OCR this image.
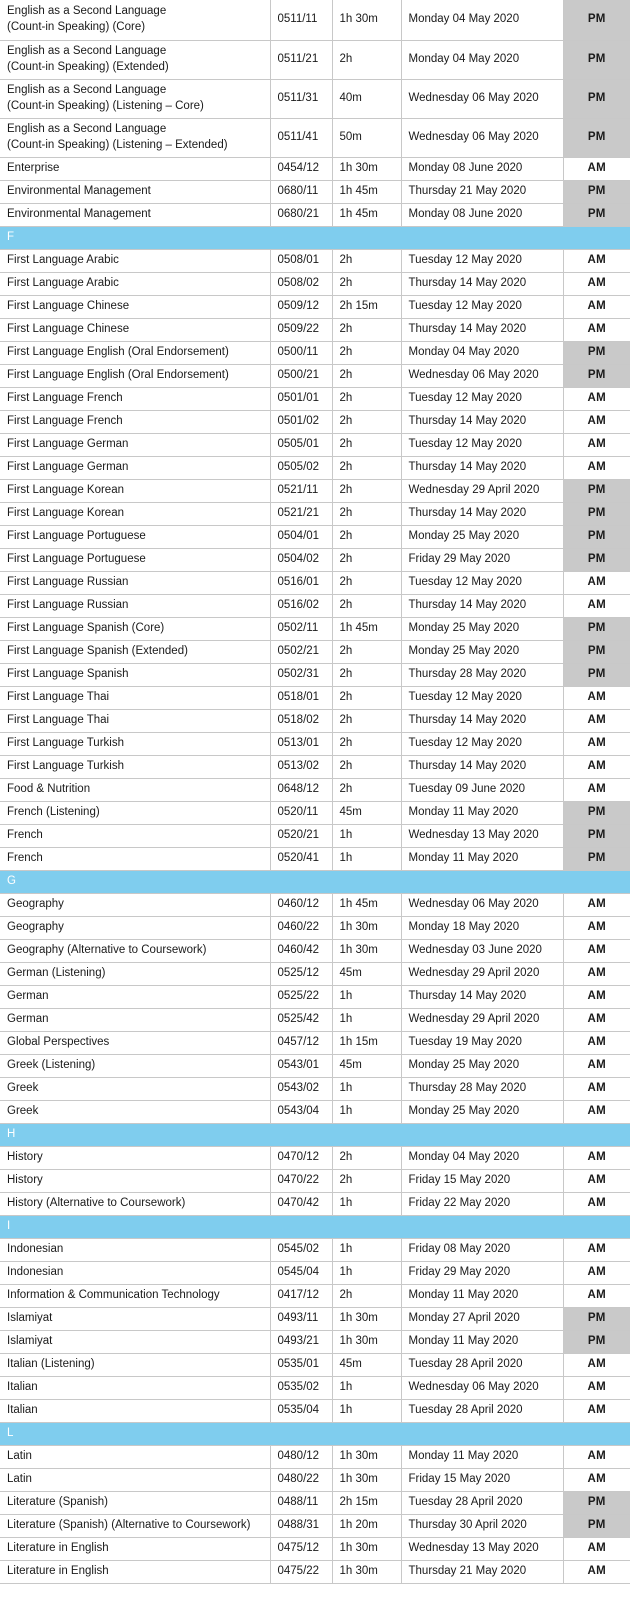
English as a Second Language
(Count-in Speaking) (Core)	0511/11	1h 30m	Monday 04 May 2020	PM
English as a Second Language
(Count-in Speaking) (Extended)	0511/21	2h	Monday 04 May 2020	PM
English as a Second Language
(Count-in Speaking) (Listening – Core)	0511/31	40m	Wednesday 06 May 2020	PM
English as a Second Language
(Count-in Speaking) (Listening – Extended)	0511/41	50m	Wednesday 06 May 2020	PM
Enterprise	0454/12	1h 30m	Monday 08 June 2020	AM
Environmental Management	0680/11	1h 45m	Thursday 21 May 2020	PM
Environmental Management	0680/21	1h 45m	Monday 08 June 2020	PM
F				
First Language Arabic	0508/01	2h	Tuesday 12 May 2020	AM
First Language Arabic	0508/02	2h	Thursday 14 May 2020	AM
First Language Chinese	0509/12	2h 15m	Tuesday 12 May 2020	AM
First Language Chinese	0509/22	2h	Thursday 14 May 2020	AM
First Language English (Oral Endorsement)	0500/11	2h	Monday 04 May 2020	PM
First Language English (Oral Endorsement)	0500/21	2h	Wednesday 06 May 2020	PM
First Language French	0501/01	2h	Tuesday 12 May 2020	AM
First Language French	0501/02	2h	Thursday 14 May 2020	AM
First Language German	0505/01	2h	Tuesday 12 May 2020	AM
First Language German	0505/02	2h	Thursday 14 May 2020	AM
First Language Korean	0521/11	2h	Wednesday 29 April 2020	PM
First Language Korean	0521/21	2h	Thursday 14 May 2020	PM
First Language Portuguese	0504/01	2h	Monday 25 May 2020	PM
First Language Portuguese	0504/02	2h	Friday 29 May 2020	PM
First Language Russian	0516/01	2h	Tuesday 12 May 2020	AM
First Language Russian	0516/02	2h	Thursday 14 May 2020	AM
First Language Spanish (Core)	0502/11	1h 45m	Monday 25 May 2020	PM
First Language Spanish (Extended)	0502/21	2h	Monday 25 May 2020	PM
First Language Spanish	0502/31	2h	Thursday 28 May 2020	PM
First Language Thai	0518/01	2h	Tuesday 12 May 2020	AM
First Language Thai	0518/02	2h	Thursday 14 May 2020	AM
First Language Turkish	0513/01	2h	Tuesday 12 May 2020	AM
First Language Turkish	0513/02	2h	Thursday 14 May 2020	AM
Food & Nutrition	0648/12	2h	Tuesday 09 June 2020	AM
French (Listening)	0520/11	45m	Monday 11 May 2020	PM
French	0520/21	1h	Wednesday 13 May 2020	PM
French	0520/41	1h	Monday 11 May 2020	PM
G				
Geography	0460/12	1h 45m	Wednesday 06 May 2020	AM
Geography	0460/22	1h 30m	Monday 18 May 2020	AM
Geography (Alternative to Coursework)	0460/42	1h 30m	Wednesday 03 June 2020	AM
German (Listening)	0525/12	45m	Wednesday 29 April 2020	AM
German	0525/22	1h	Thursday 14 May 2020	AM
German	0525/42	1h	Wednesday 29 April 2020	AM
Global Perspectives	0457/12	1h 15m	Tuesday 19 May 2020	AM
Greek (Listening)	0543/01	45m	Monday 25 May 2020	AM
Greek	0543/02	1h	Thursday 28 May 2020	AM
Greek	0543/04	1h	Monday 25 May 2020	AM
H				
History	0470/12	2h	Monday 04 May 2020	AM
History	0470/22	2h	Friday 15 May 2020	AM
History (Alternative to Coursework)	0470/42	1h	Friday 22 May 2020	AM
I				
Indonesian	0545/02	1h	Friday 08 May 2020	AM
Indonesian	0545/04	1h	Friday 29 May 2020	AM
Information & Communication Technology	0417/12	2h	Monday 11 May 2020	AM
Islamiyat	0493/11	1h 30m	Monday 27 April 2020	PM
Islamiyat	0493/21	1h 30m	Monday 11 May 2020	PM
Italian (Listening)	0535/01	45m	Tuesday 28 April 2020	AM
Italian	0535/02	1h	Wednesday 06 May 2020	AM
Italian	0535/04	1h	Tuesday 28 April 2020	AM
L				
Latin	0480/12	1h 30m	Monday 11 May 2020	AM
Latin	0480/22	1h 30m	Friday 15 May 2020	AM
Literature (Spanish)	0488/11	2h 15m	Tuesday 28 April 2020	PM
Literature (Spanish) (Alternative to Coursework)	0488/31	1h 20m	Thursday 30 April 2020	PM
Literature in English	0475/12	1h 30m	Wednesday 13 May 2020	AM
Literature in English	0475/22	1h 30m	Thursday 21 May 2020	AM
